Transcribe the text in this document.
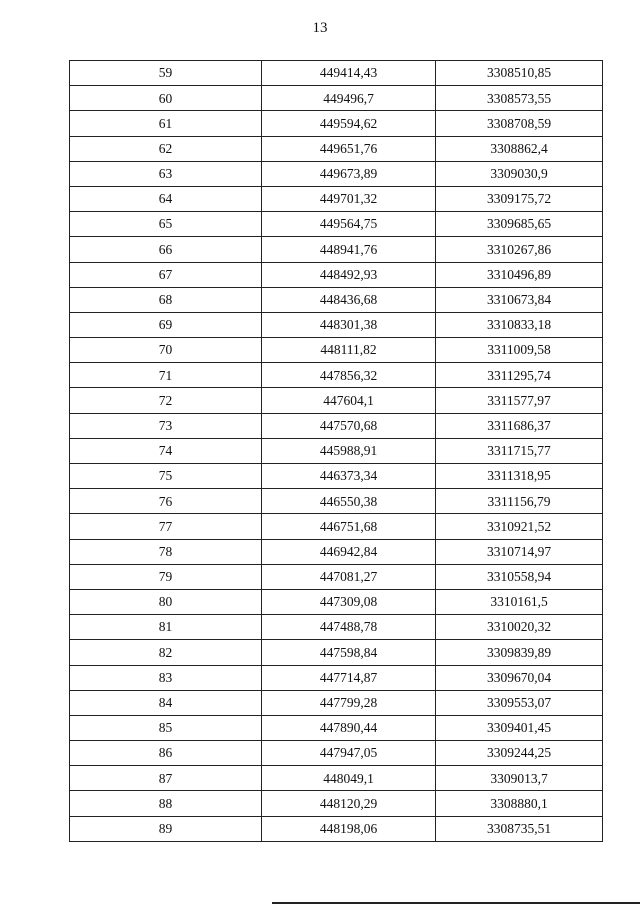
13
59	449414,43	3308510,85
60	449496,7	3308573,55
61	449594,62	3308708,59
62	449651,76	3308862,4
63	449673,89	3309030,9
64	449701,32	3309175,72
65	449564,75	3309685,65
66	448941,76	3310267,86
67	448492,93	3310496,89
68	448436,68	3310673,84
69	448301,38	3310833,18
70	448111,82	3311009,58
71	447856,32	3311295,74
72	447604,1	3311577,97
73	447570,68	3311686,37
74	445988,91	3311715,77
75	446373,34	3311318,95
76	446550,38	3311156,79
77	446751,68	3310921,52
78	446942,84	3310714,97
79	447081,27	3310558,94
80	447309,08	3310161,5
81	447488,78	3310020,32
82	447598,84	3309839,89
83	447714,87	3309670,04
84	447799,28	3309553,07
85	447890,44	3309401,45
86	447947,05	3309244,25
87	448049,1	3309013,7
88	448120,29	3308880,1
89	448198,06	3308735,51
